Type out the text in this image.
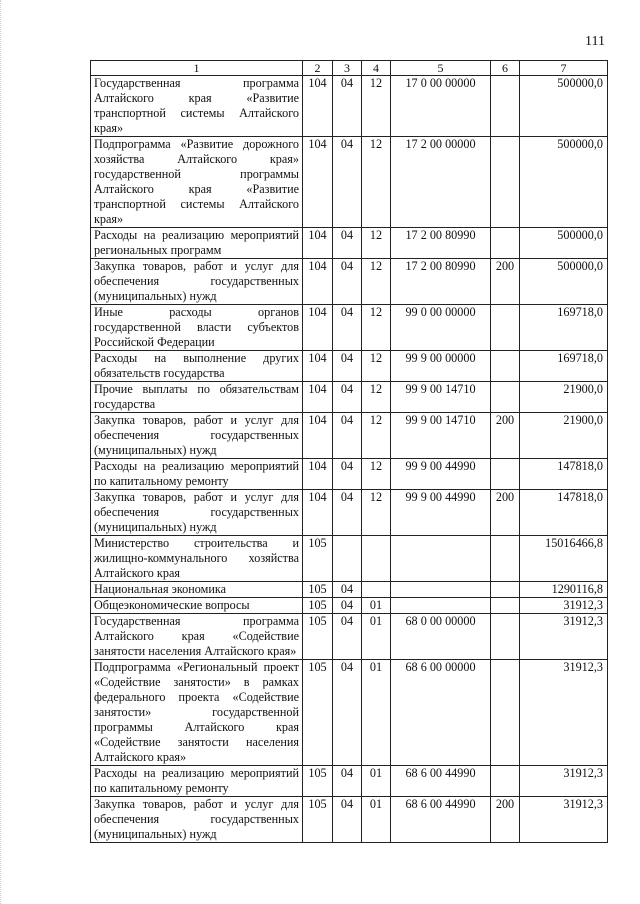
111
1	2	3	4	5	6	7
Государственная программа Алтайского края «Развитие транспортной системы Алтайского края»	104	04	12	17 0 00 00000		500000,0
Подпрограмма «Развитие дорожного хозяйства Алтайского края» государственной программы Алтайского края «Развитие транспортной системы Алтайского края»	104	04	12	17 2 00 00000		500000,0
Расходы на реализацию мероприятий региональных программ	104	04	12	17 2 00 80990		500000,0
Закупка товаров, работ и услуг для обеспечения государственных (муниципальных) нужд	104	04	12	17 2 00 80990	200	500000,0
Иные расходы органов государственной власти субъектов Российской Федерации	104	04	12	99 0 00 00000		169718,0
Расходы на выполнение других обязательств государства	104	04	12	99 9 00 00000		169718,0
Прочие выплаты по обязательствам государства	104	04	12	99 9 00 14710		21900,0
Закупка товаров, работ и услуг для обеспечения государственных (муниципальных) нужд	104	04	12	99 9 00 14710	200	21900,0
Расходы на реализацию мероприятий по капитальному ремонту	104	04	12	99 9 00 44990		147818,0
Закупка товаров, работ и услуг для обеспечения государственных (муниципальных) нужд	104	04	12	99 9 00 44990	200	147818,0
Министерство строительства и жилищно-коммунального хозяйства Алтайского края	105					15016466,8
Национальная экономика	105	04				1290116,8
Общеэкономические вопросы	105	04	01			31912,3
Государственная программа Алтайского края «Содействие занятости населения Алтайского края»	105	04	01	68 0 00 00000		31912,3
Подпрограмма «Региональный проект «Содействие занятости» в рамках федерального проекта «Содействие занятости» государственной программы Алтайского края «Содействие занятости населения Алтайского края»	105	04	01	68 6 00 00000		31912,3
Расходы на реализацию мероприятий по капитальному ремонту	105	04	01	68 6 00 44990		31912,3
Закупка товаров, работ и услуг для обеспечения государственных (муниципальных) нужд	105	04	01	68 6 00 44990	200	31912,3
